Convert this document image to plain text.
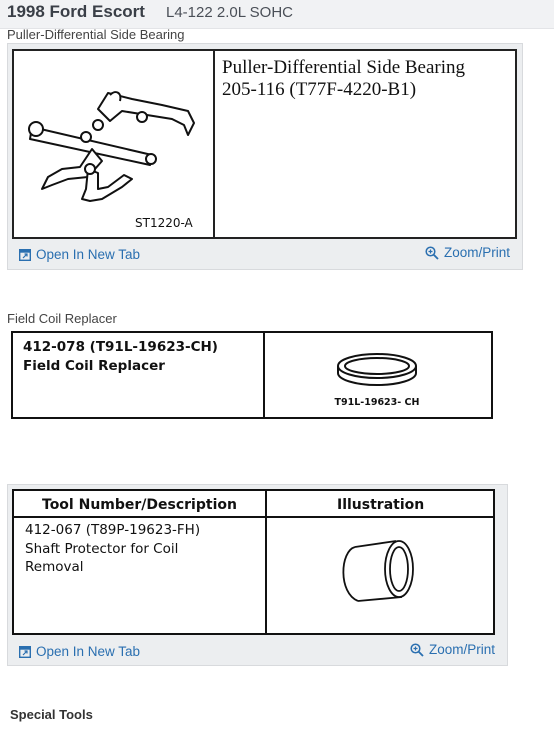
1998 Ford Escort L4-122 2.0L SOHC
Puller-Differential Side Bearing
Puller-Differential Side Bearing
205-116 (T77F-4220-B1)
ST1220-A
Open In New Tab	Zoom/Print
Field Coil Replacer
412-078 (T91L-19623-CH)
Field Coil Replacer
T91L-19623- CH
Tool Number/Description	Illustration
412-067 (T89P-19623-FH)
Shaft Protector for Coil
Removal
Open In New Tab	Zoom/Print
Special Tools
